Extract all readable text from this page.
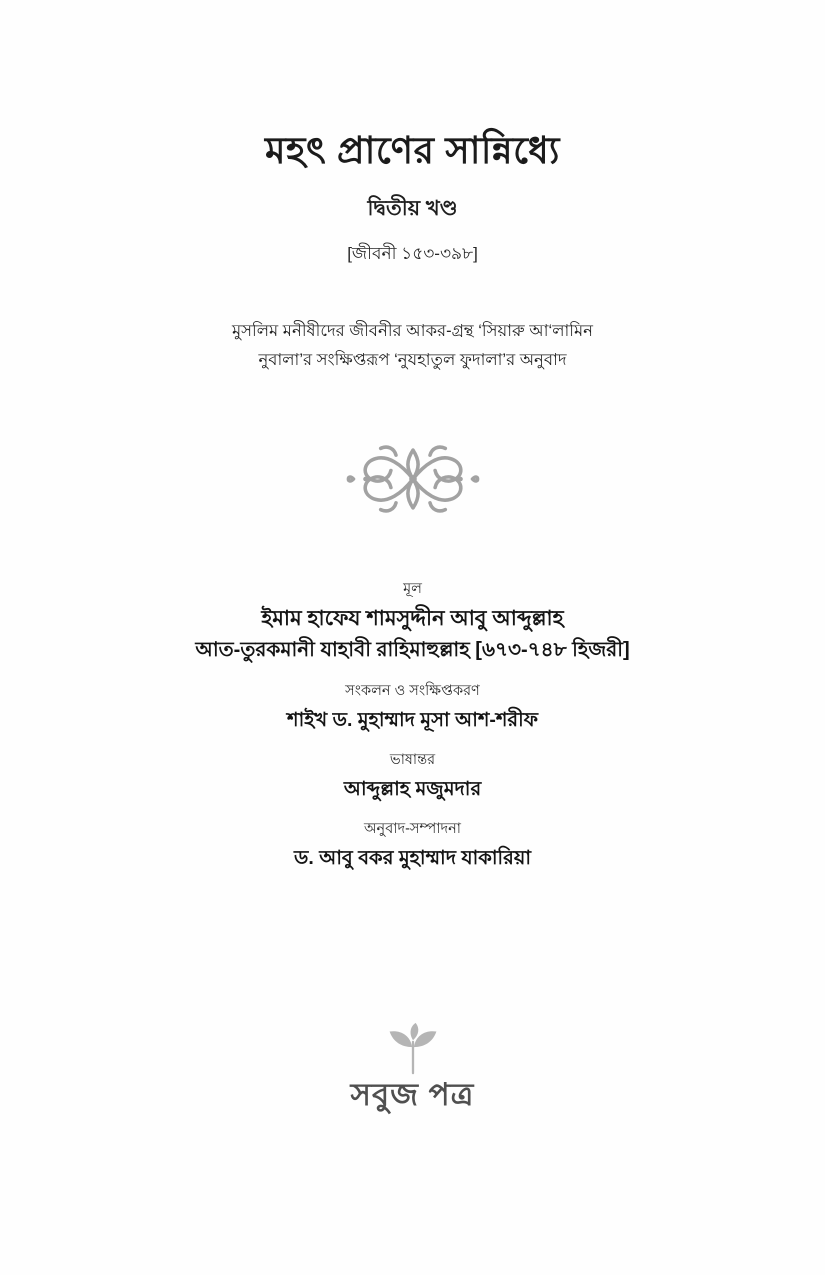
মহৎ প্রাণের সান্নিধ্যে
দ্বিতীয় খণ্ড
[জীবনী ১৫৩-৩৯৮]
মুসলিম মনীষীদের জীবনীর আকর-গ্রন্থ ‘সিয়ারু আ‘লামিন
নুবালা’র সংক্ষিপ্তরূপ ‘নুযহাতুল ফুদালা’র অনুবাদ
মূল
ইমাম হাফেয শামসুদ্দীন আবু আব্দুল্লাহ
আত-তুরকমানী যাহাবী রাহিমাহুল্লাহ [৬৭৩-৭৪৮ হিজরী]
সংকলন ও সংক্ষিপ্তকরণ
শাইখ ড. মুহাম্মাদ মূসা আশ-শরীফ
ভাষান্তর
আব্দুল্লাহ মজুমদার
অনুবাদ-সম্পাদনা
ড. আবু বকর মুহাম্মাদ যাকারিয়া
সবুজ পত্র
